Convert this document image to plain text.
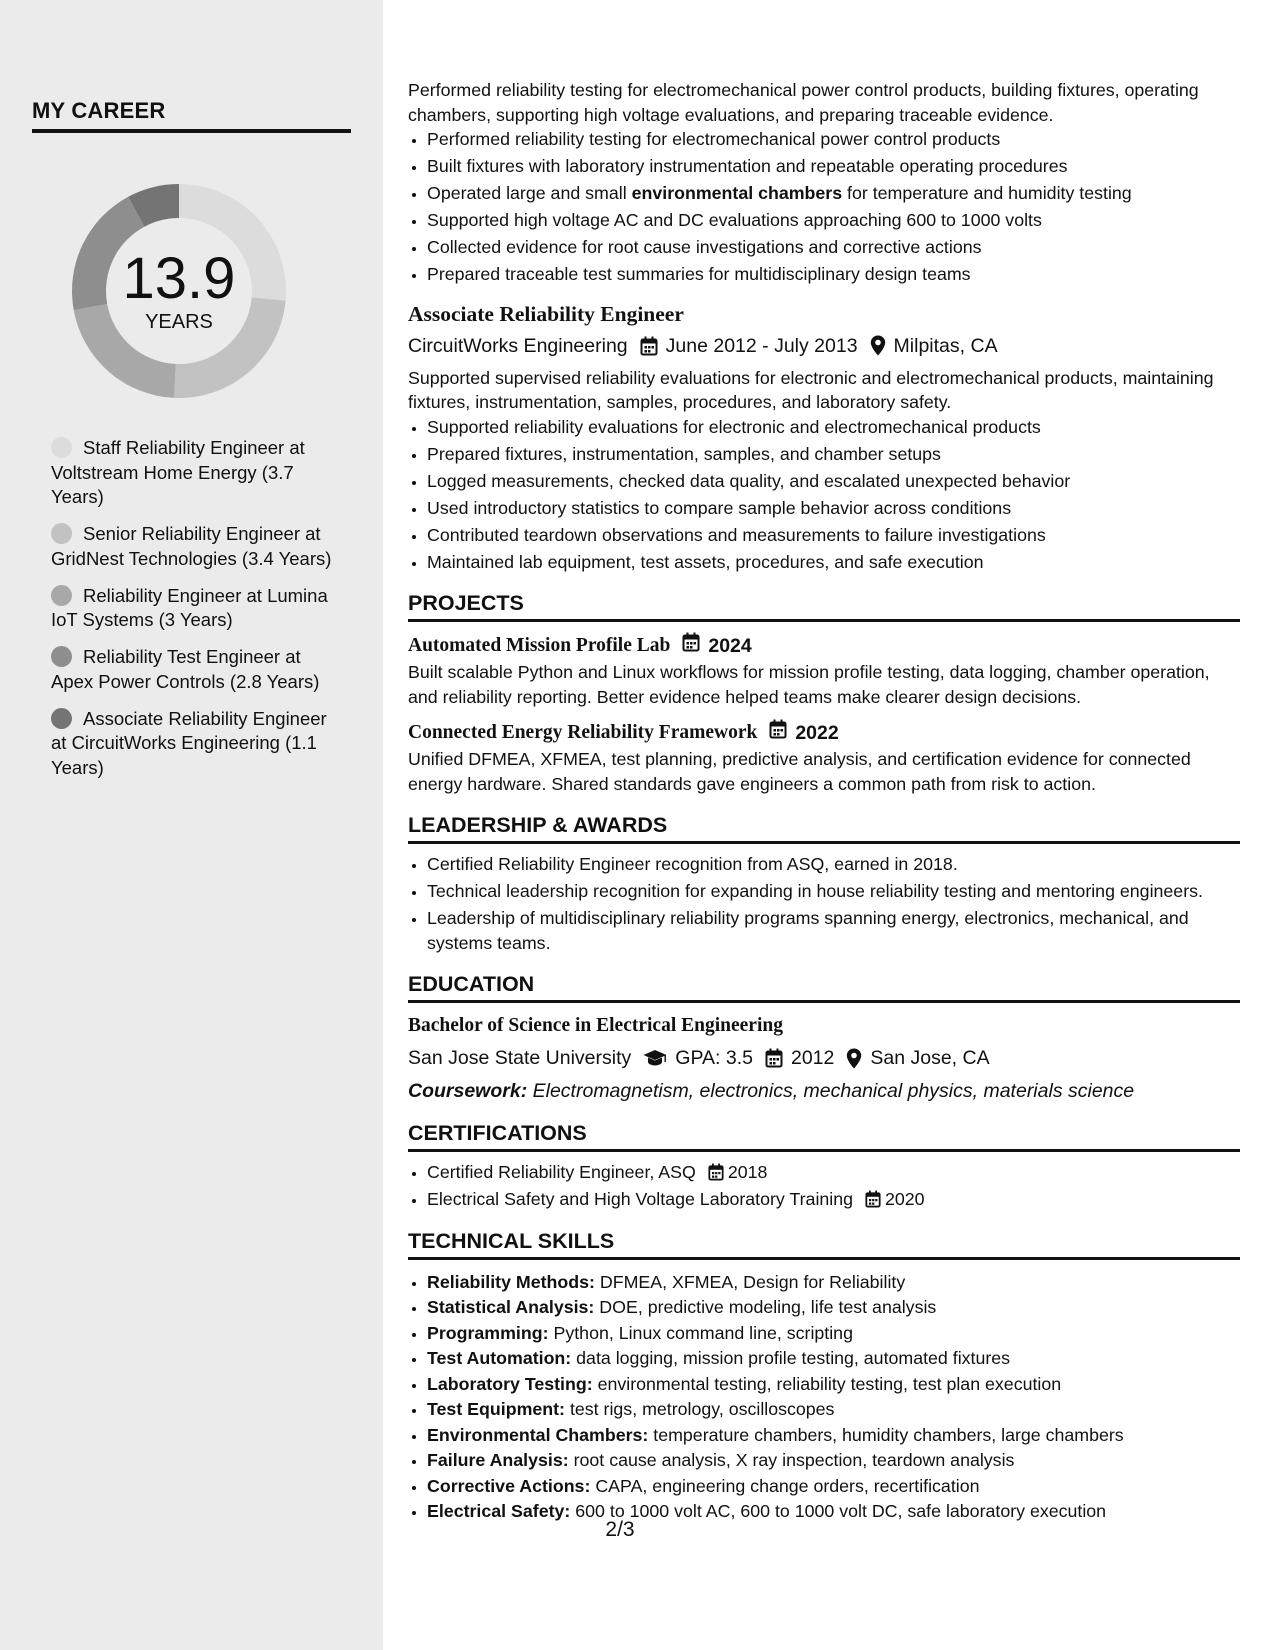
MY CAREER
13.9
YEARS
Staff Reliability Engineer at Voltstream Home Energy (3.7 Years)
Senior Reliability Engineer at GridNest Technologies (3.4 Years)
Reliability Engineer at Lumina IoT Systems (3 Years)
Reliability Test Engineer at Apex Power Controls (2.8 Years)
Associate Reliability Engineer at CircuitWorks Engineering (1.1 Years)

Performed reliability testing for electromechanical power control products, building fixtures, operating chambers, supporting high voltage evaluations, and preparing traceable evidence.

• Performed reliability testing for electromechanical power control products
• Built fixtures with laboratory instrumentation and repeatable operating procedures
• Operated large and small environmental chambers for temperature and humidity testing
• Supported high voltage AC and DC evaluations approaching 600 to 1000 volts
• Collected evidence for root cause investigations and corrective actions
• Prepared traceable test summaries for multidisciplinary design teams
Associate Reliability Engineer
CircuitWorks Engineering June 2012 - July 2013 Milpitas, CA

Supported supervised reliability evaluations for electronic and electromechanical products, maintaining fixtures, instrumentation, samples, procedures, and laboratory safety.

• Supported reliability evaluations for electronic and electromechanical products
• Prepared fixtures, instrumentation, samples, and chamber setups
• Logged measurements, checked data quality, and escalated unexpected behavior
• Used introductory statistics to compare sample behavior across conditions
• Contributed teardown observations and measurements to failure investigations
• Maintained lab equipment, test assets, procedures, and safe execution
PROJECTS
Automated Mission Profile Lab 2024

Built scalable Python and Linux workflows for mission profile testing, data logging, chamber operation, and reliability reporting. Better evidence helped teams make clearer design decisions.

Connected Energy Reliability Framework 2022

Unified DFMEA, XFMEA, test planning, predictive analysis, and certification evidence for connected energy hardware. Shared standards gave engineers a common path from risk to action.

LEADERSHIP & AWARDS
• Certified Reliability Engineer recognition from ASQ, earned in 2018.
• Technical leadership recognition for expanding in house reliability testing and mentoring engineers.
• Leadership of multidisciplinary reliability programs spanning energy, electronics, mechanical, and systems teams.
EDUCATION
Bachelor of Science in Electrical Engineering
San Jose State University GPA: 3.5 2012 San Jose, CA
Coursework: Electromagnetism, electronics, mechanical physics, materials science
CERTIFICATIONS
• Certified Reliability Engineer, ASQ 2018
• Electrical Safety and High Voltage Laboratory Training 2020
TECHNICAL SKILLS
• Reliability Methods: DFMEA, XFMEA, Design for Reliability
• Statistical Analysis: DOE, predictive modeling, life test analysis
• Programming: Python, Linux command line, scripting
• Test Automation: data logging, mission profile testing, automated fixtures
• Laboratory Testing: environmental testing, reliability testing, test plan execution
• Test Equipment: test rigs, metrology, oscilloscopes
• Environmental Chambers: temperature chambers, humidity chambers, large chambers
• Failure Analysis: root cause analysis, X ray inspection, teardown analysis
• Corrective Actions: CAPA, engineering change orders, recertification
• Electrical Safety: 600 to 1000 volt AC, 600 to 1000 volt DC, safe laboratory execution
2/3
